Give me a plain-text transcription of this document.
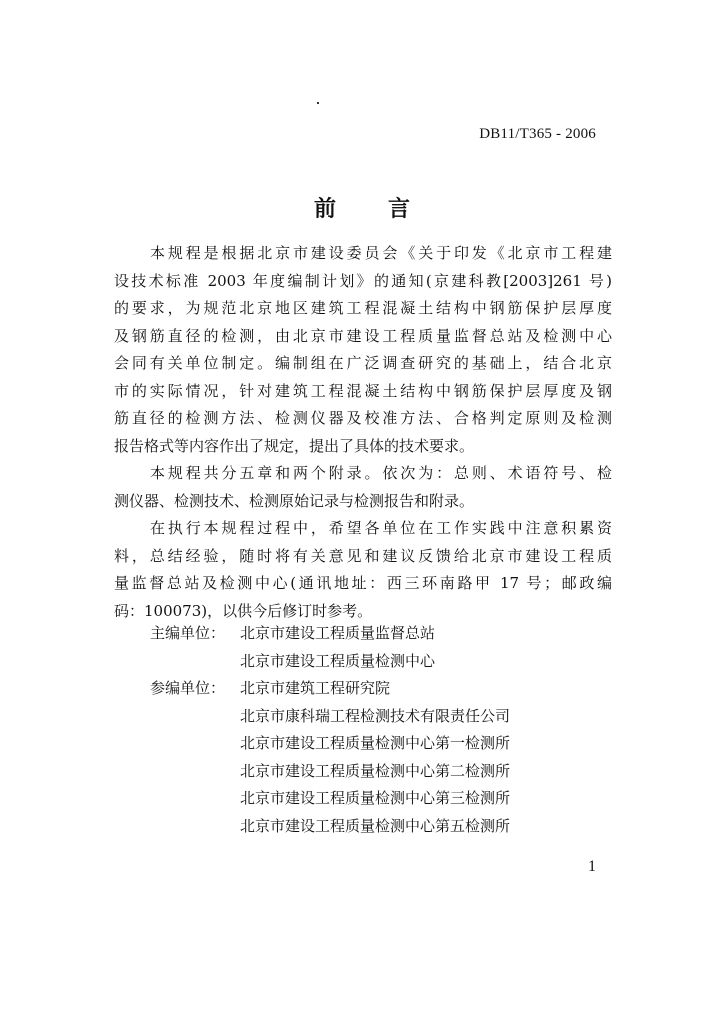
DB11/T365 - 2006
前 言
本规程是根据北京市建设委员会《关于印发《北京市工程建
设技术标准 2003 年度编制计划》的通知(京建科教[2003]261 号)
的要求，为规范北京地区建筑工程混凝土结构中钢筋保护层厚度
及钢筋直径的检测，由北京市建设工程质量监督总站及检测中心
会同有关单位制定。编制组在广泛调查研究的基础上，结合北京
市的实际情况，针对建筑工程混凝土结构中钢筋保护层厚度及钢
筋直径的检测方法、检测仪器及校准方法、合格判定原则及检测
报告格式等内容作出了规定，提出了具体的技术要求。
本规程共分五章和两个附录。依次为：总则、术语符号、检
测仪器、检测技术、检测原始记录与检测报告和附录。
在执行本规程过程中，希望各单位在工作实践中注意积累资
料，总结经验，随时将有关意见和建议反馈给北京市建设工程质
量监督总站及检测中心(通讯地址：西三环南路甲 17 号；邮政编
码：100073)，以供今后修订时参考。
主编单位： 北京市建设工程质量监督总站
北京市建设工程质量检测中心
参编单位： 北京市建筑工程研究院
北京市康科瑞工程检测技术有限责任公司
北京市建设工程质量检测中心第一检测所
北京市建设工程质量检测中心第二检测所
北京市建设工程质量检测中心第三检测所
北京市建设工程质量检测中心第五检测所
1
